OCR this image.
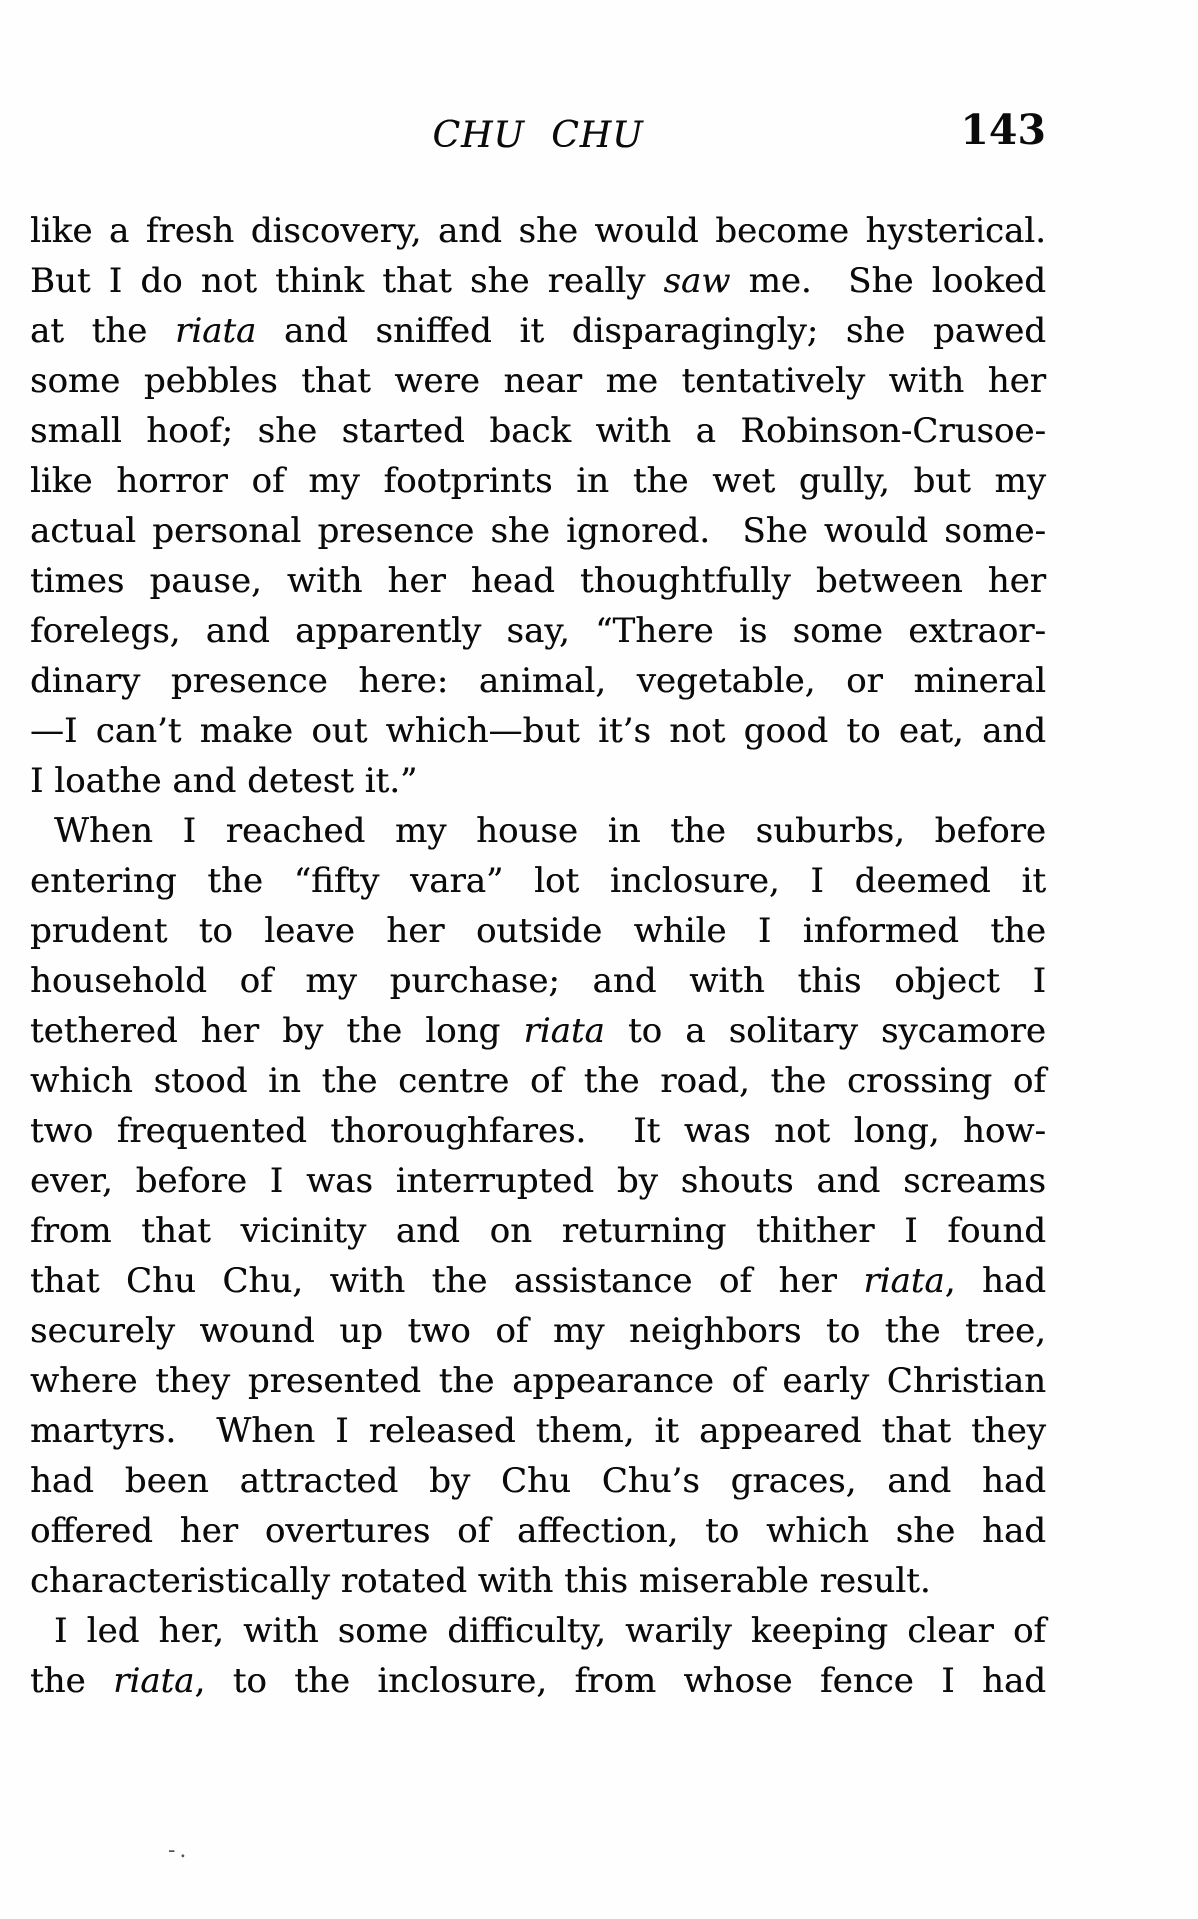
CHU CHU	143
like a fresh discovery, and she would become hysterical.
But I do not think that she really saw me.  She looked
at the riata and sniffed it disparagingly; she pawed
some pebbles that were near me tentatively with her
small hoof; she started back with a Robinson-Crusoe-
like horror of my footprints in the wet gully, but my
actual personal presence she ignored.  She would some-
times pause, with her head thoughtfully between her
forelegs, and apparently say, “There is some extraor-
dinary presence here: animal, vegetable, or mineral
—I can’t make out which—but it’s not good to eat, and
I loathe and detest it.”
When I reached my house in the suburbs, before
entering the “fifty vara” lot inclosure, I deemed it
prudent to leave her outside while I informed the
household of my purchase; and with this object I
tethered her by the long riata to a solitary sycamore
which stood in the centre of the road, the crossing of
two frequented thoroughfares.  It was not long, how-
ever, before I was interrupted by shouts and screams
from that vicinity and on returning thither I found
that Chu Chu, with the assistance of her riata, had
securely wound up two of my neighbors to the tree,
where they presented the appearance of early Christian
martyrs.  When I released them, it appeared that they
had been attracted by Chu Chu’s graces, and had
offered her overtures of affection, to which she had
characteristically rotated with this miserable result.
I led her, with some difficulty, warily keeping clear of
the riata, to the inclosure, from whose fence I had
-.
